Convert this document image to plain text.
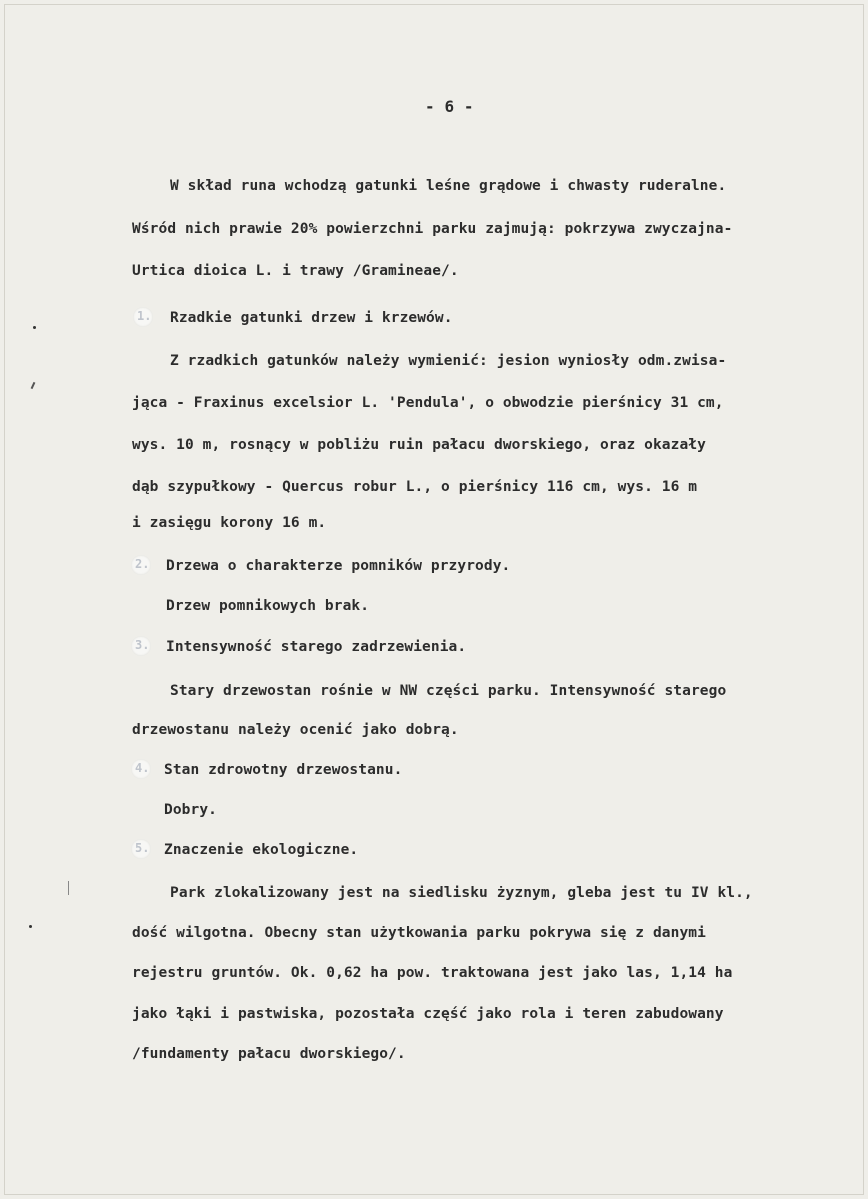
- 6 -
W skład runa wchodzą gatunki leśne grądowe i chwasty ruderalne.
Wśród nich prawie 20% powierzchni parku zajmują: pokrzywa zwyczajna-
Urtica dioica L. i trawy /Gramineae/.
1. Rzadkie gatunki drzew i krzewów.
Z rzadkich gatunków należy wymienić: jesion wyniosły odm.zwisa-
jąca - Fraxinus excelsior L. 'Pendula', o obwodzie pierśnicy 31 cm,
wys. 10 m, rosnący w pobliżu ruin pałacu dworskiego, oraz okazały
dąb szypułkowy - Quercus robur L., o pierśnicy 116 cm, wys. 16 m
i zasięgu korony 16 m.
2. Drzewa o charakterze pomników przyrody.
Drzew pomnikowych brak.
3. Intensywność starego zadrzewienia.
Stary drzewostan rośnie w NW części parku. Intensywność starego
drzewostanu należy ocenić jako dobrą.
4. Stan zdrowotny drzewostanu.
Dobry.
5. Znaczenie ekologiczne.
Park zlokalizowany jest na siedlisku żyznym, gleba jest tu IV kl.,
dość wilgotna. Obecny stan użytkowania parku pokrywa się z danymi
rejestru gruntów. Ok. 0,62 ha pow. traktowana jest jako las, 1,14 ha
jako łąki i pastwiska, pozostała część jako rola i teren zabudowany
/fundamenty pałacu dworskiego/.
